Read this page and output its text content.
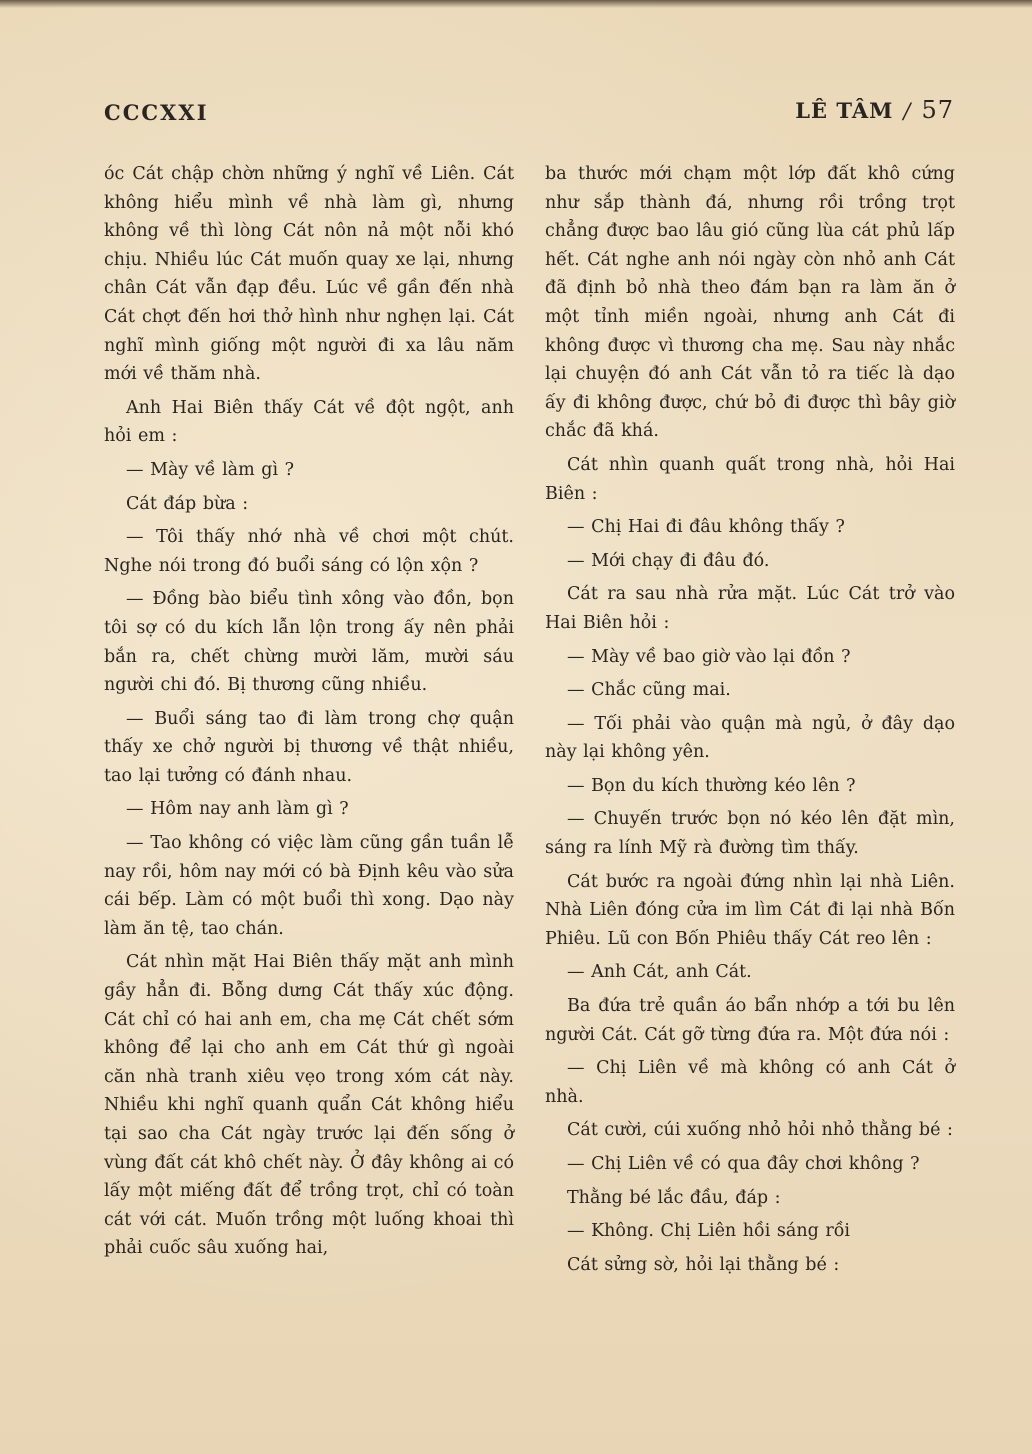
CCCXXI	LÊ TÂM / 57

óc Cát chập chờn những ý nghĩ về Liên. Cát không hiểu mình về nhà làm gì, nhưng không về thì lòng Cát nôn nả một nỗi khó chịu. Nhiều lúc Cát muốn quay xe lại, nhưng chân Cát vẫn đạp đều. Lúc về gần đến nhà Cát chợt đến hơi thở hình như nghẹn lại. Cát nghĩ mình giống một người đi xa lâu năm mới về thăm nhà.

Anh Hai Biên thấy Cát về đột ngột, anh hỏi em :

— Mày về làm gì ?

Cát đáp bừa :

— Tôi thấy nhớ nhà về chơi một chút. Nghe nói trong đó buổi sáng có lộn xộn ?

— Đồng bào biểu tình xông vào đồn, bọn tôi sợ có du kích lẫn lộn trong ấy nên phải bắn ra, chết chừng mười lăm, mười sáu người chi đó. Bị thương cũng nhiều.

— Buổi sáng tao đi làm trong chợ quận thấy xe chở người bị thương về thật nhiều, tao lại tưởng có đánh nhau.

— Hôm nay anh làm gì ?

— Tao không có việc làm cũng gần tuần lễ nay rồi, hôm nay mới có bà Định kêu vào sửa cái bếp. Làm có một buổi thì xong. Dạo này làm ăn tệ, tao chán.

Cát nhìn mặt Hai Biên thấy mặt anh mình gầy hẳn đi. Bỗng dưng Cát thấy xúc động. Cát chỉ có hai anh em, cha mẹ Cát chết sớm không để lại cho anh em Cát thứ gì ngoài căn nhà tranh xiêu vẹo trong xóm cát này. Nhiều khi nghĩ quanh quẩn Cát không hiểu tại sao cha Cát ngày trước lại đến sống ở vùng đất cát khô chết này. Ở đây không ai có lấy một miếng đất để trồng trọt, chỉ có toàn cát với cát. Muốn trồng một luống khoai thì phải cuốc sâu xuống hai,

ba thước mới chạm một lớp đất khô cứng như sắp thành đá, nhưng rồi trồng trọt chẳng được bao lâu gió cũng lùa cát phủ lấp hết. Cát nghe anh nói ngày còn nhỏ anh Cát đã định bỏ nhà theo đám bạn ra làm ăn ở một tỉnh miền ngoài, nhưng anh Cát đi không được vì thương cha mẹ. Sau này nhắc lại chuyện đó anh Cát vẫn tỏ ra tiếc là dạo ấy đi không được, chứ bỏ đi được thì bây giờ chắc đã khá.

Cát nhìn quanh quất trong nhà, hỏi Hai Biên :

— Chị Hai đi đâu không thấy ?

— Mới chạy đi đâu đó.

Cát ra sau nhà rửa mặt. Lúc Cát trở vào Hai Biên hỏi :

— Mày về bao giờ vào lại đồn ?

— Chắc cũng mai.

— Tối phải vào quận mà ngủ, ở đây dạo này lại không yên.

— Bọn du kích thường kéo lên ?

— Chuyến trước bọn nó kéo lên đặt mìn, sáng ra lính Mỹ rà đường tìm thấy.

Cát bước ra ngoài đứng nhìn lại nhà Liên. Nhà Liên đóng cửa im lìm Cát đi lại nhà Bốn Phiêu. Lũ con Bốn Phiêu thấy Cát reo lên :

— Anh Cát, anh Cát.

Ba đứa trẻ quần áo bẩn nhớp a tới bu lên người Cát. Cát gỡ từng đứa ra. Một đứa nói :

— Chị Liên về mà không có anh Cát ở nhà.

Cát cười, cúi xuống nhỏ hỏi nhỏ thằng bé :

— Chị Liên về có qua đây chơi không ?

Thằng bé lắc đầu, đáp :

— Không. Chị Liên hồi sáng rồi

Cát sửng sờ, hỏi lại thằng bé :
